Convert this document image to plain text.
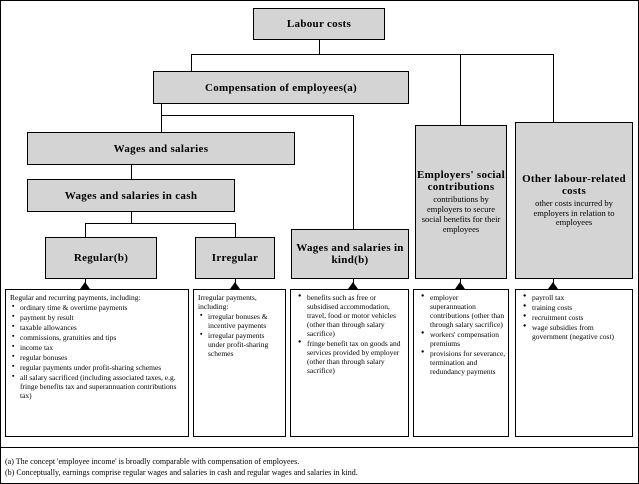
Labour costs
Compensation of employees(a)
Wages and salaries
Wages and salaries in cash
Regular(b)	Irregular
Wages and salaries in kind(b)
Employers' social contributions
contributions by employers to secure social benefits for their employees
Other labour-related costs
other costs incurred by employers in relation to employees
Regular and recurring payments, including:
▪ ordinary time & overtime payments
▪ payment by result
▪ taxable allowances
▪ commissions, gratuities and tips
▪ income tax
▪ regular bonuses
▪ regular payments under profit-sharing schemes
▪ all salary sacrificed (including associated taxes, e.g. fringe benefits tax and superannuation contributions tax)
Irregular payments, including:
▪ irregular bonuses & incentive payments
▪ irregular payments under profit-sharing schemes
● benefits such as free or subsidised accommodation, travel, food or motor vehicles (other than through salary sacrifice)
● fringe benefit tax on goods and services provided by employer (other than through salary sacrifice)
● employer superannuation contributions (other than through salary sacrifice)
● workers' compensation premiums
● provisions for severance, termination and redundancy payments
● payroll tax
● training costs
● recruitment costs
● wage subsidies from government (negative cost)
(a) The concept 'employee income' is broadly comparable with compensation of employees.
(b) Conceptually, earnings comprise regular wages and salaries in cash and regular wages and salaries in kind.
